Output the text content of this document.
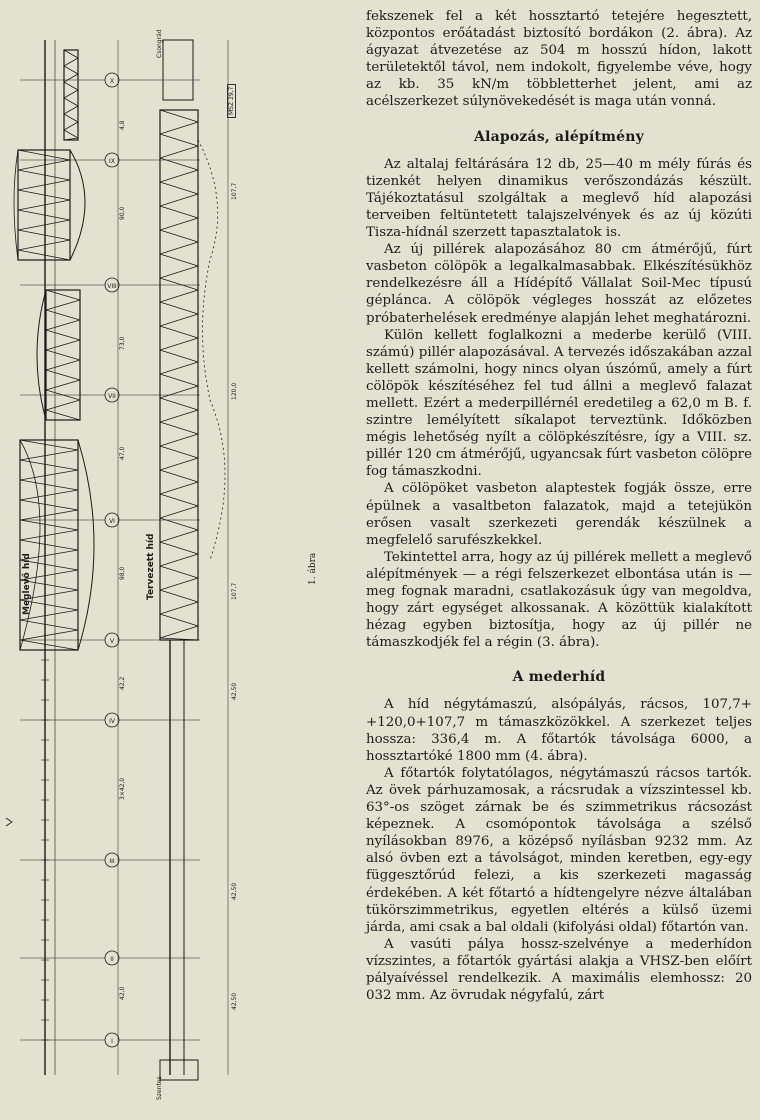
X
IX
VIII
VII
VI
V
IV
III
II
I
4,8
90,0
73,0
47,0
98,0
42,2
3×42,0
42,0
107,7
120,0
107,7
42,50
42,50
42,50
Meglevő híd	Tervezett híd	1. ábra
Csongrád
Szentes
MSZ 29,7

fekszenek fel a két hossztartó tetejére hegesztett, központos erőátadást biztosító bordákon (2. ábra). Az ágyazat átvezetése az 504 m hosszú hídon, lakott területektől távol, nem indokolt, figyelembe véve, hogy az kb. 35 kN/m többletterhet jelent, ami az acélszerkezet súlynövekedését is maga után vonná.

Alapozás, alépítmény

Az altalaj feltárására 12 db, 25—40 m mély fúrás és tizenkét helyen dinamikus verőszondázás készült. Tájékoztatásul szolgáltak a meglevő híd alapozási terveiben feltüntetett talajszelvények és az új közúti Tisza-hídnál szerzett tapasztalatok is.

Az új pillérek alapozásához 80 cm átmérőjű, fúrt vasbeton cölöpök a legalkalmasabbak. Elkészítésükhöz rendelkezésre áll a Hídépítő Vállalat Soil-Mec típusú gépláncа. A cölöpök végleges hosszát az előzetes próbaterhelések eredménye alapján lehet meghatározni.

Külön kellett foglalkozni a mederbe kerülő (VIII. számú) pillér alapozásával. A tervezés időszakában azzal kellett számolni, hogy nincs olyan úszómű, amely a fúrt cölöpök készítéséhez fel tud állni a meglevő falazat mellett. Ezért a mederpillérnél eredetileg a 62,0 m B. f. szintre lemélyített síkalapot terveztünk. Időközben mégis lehetőség nyílt a cölöpkészítésre, így a VIII. sz. pillér 120 cm átmérőjű, ugyancsak fúrt vasbeton cölöpre fog támaszkodni.

A cölöpöket vasbeton alaptestek fogják össze, erre épülnek a vasaltbeton falazatok, majd a tetejükön erősen vasalt szerkezeti gerendák készülnek a megfelelő sarufészkekkel.

Tekintettel arra, hogy az új pillérek mellett a meglevő alépítmények — a régi felszerkezet elbontása után is — meg fognak maradni, csatlakozásuk úgy van megoldva, hogy zárt egységet alkossanak. A közöttük kialakított hézag egyben biztosítja, hogy az új pillér ne támaszkodjék fel a régin (3. ábra).

A mederhíd

A híd négytámaszú, alsópályás, rácsos, 107,7+ +120,0+107,7 m támaszközökkel. A szerkezet teljes hossza: 336,4 m. A főtartók távolsága 6000, a hossztartóké 1800 mm (4. ábra).

A főtartók folytatólagos, négytámaszú rácsos tartók. Az övek párhuzamosak, a rácsrudak a vízszintessel kb. 63°-os szöget zárnak be és szimmetrikus rácsozást képeznek. A csomópontok távolsága a szélső nyílásokban 8976, a középső nyílásban 9232 mm. Az alsó övben ezt a távolságot, minden keretben, egy-egy függesztőrúd felezi, a kis szerkezeti magasság érdekében. A két főtartó a hídtengelyre nézve általában tükörszimmetrikus, egyetlen eltérés a külső üzemi járda, ami csak a bal oldali (kifolyási oldal) főtartón van.

A vasúti pálya hossz-szelvénye a mederhídon vízszintes, a főtartók gyártási alakja a VHSZ-ben előírt pályaívéssel rendelkezik. A maximális elemhossz: 20 032 mm. Az övrudak négyfalú, zárt
